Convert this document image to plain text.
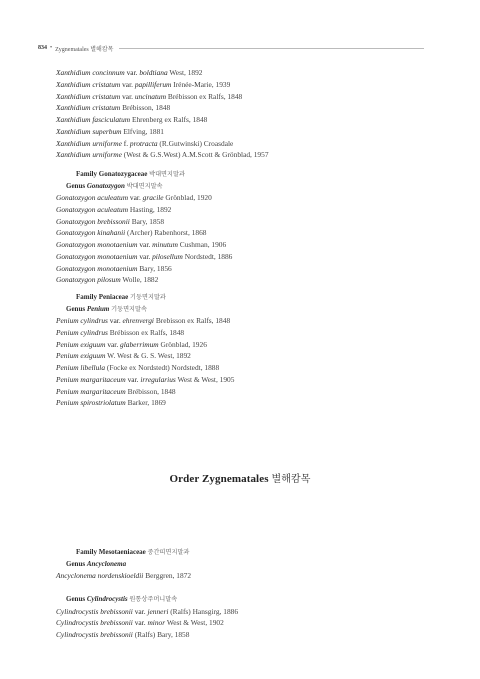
834 • Zygnematales 별해캄목
Xanthidium concinnum var. boldtiana West, 1892
Xanthidium cristatum var. papilliferum Irénée-Marie, 1939
Xanthidium cristatum var. uncinatum Brébisson ex Ralfs, 1848
Xanthidium cristatum Brébisson, 1848
Xanthidium fasciculatum Ehrenberg ex Ralfs, 1848
Xanthidium superbum Elfving, 1881
Xanthidium urniforme f. protracta (R.Gutwinski) Croasdale
Xanthidium urniforme (West & G.S.West) A.M.Scott & Grönblad, 1957
Family Gonatozygaceae 박대면지말과
Genus Gonatozygon 박대면지말속
Gonatozygon aculeatum var. gracile Grönblad, 1920
Gonatozygon aculeatum Hasting, 1892
Gonatozygon brebissonii Bary, 1858
Gonatozygon kinahanii (Archer) Rabenhorst, 1868
Gonatozygon monotaenium var. minutum Cushman, 1906
Gonatozygon monotaenium var. pilosellum Nordstedt, 1886
Gonatozygon monotaenium Bary, 1856
Gonatozygon pilosum Wolle, 1882
Family Peniaceae 기둥면지말과
Genus Penium 기둥면지말속
Penium cylindrus var. ehrenvergi Brebisson ex Ralfs, 1848
Penium cylindrus Brébisson ex Ralfs, 1848
Penium exiguum var. glaberrimum Grönblad, 1926
Penium exiguum W. West & G. S. West, 1892
Penium libellula (Focke ex Nordstedt) Nordstedt, 1888
Penium margaritaceum var. irregularius West & West, 1905
Penium margaritaceum Brébisson, 1848
Penium spirostriolatum Barker, 1869
Order Zygnematales 별해캄목
Family Mesotaeniaceae 중간띠면지말과
Genus Ancyclonema
Ancyclonema nordenskioeldii Berggren, 1872
Genus Cylindrocystis 원통상주머니말속
Cylindrocystis brebissonii var. jenneri (Ralfs) Hansgirg, 1886
Cylindrocystis brebissonii var. minor West & West, 1902
Cylindrocystis brebissonii (Ralfs) Bary, 1858
